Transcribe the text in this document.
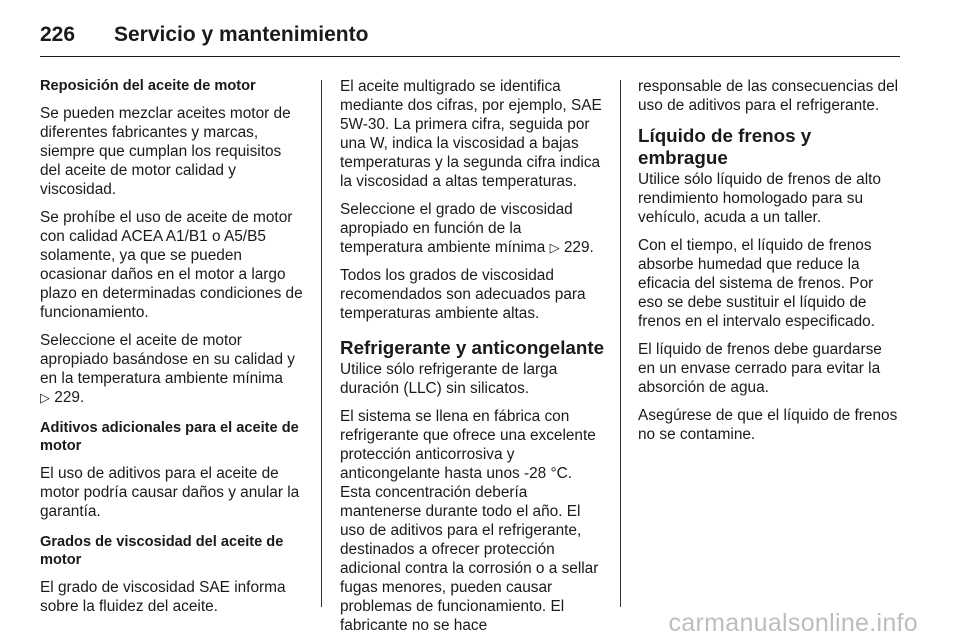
226	Servicio y mantenimiento

Reposición del aceite de motor

Se pueden mezclar aceites motor de diferentes fabricantes y marcas, siempre que cumplan los requisitos del aceite de motor calidad y viscosidad.

Se prohíbe el uso de aceite de motor con calidad ACEA A1/B1 o A5/B5 solamente, ya que se pueden ocasionar daños en el motor a largo plazo en determinadas condiciones de funcionamiento.

Seleccione el aceite de motor apropiado basándose en su calidad y en la temperatura ambiente mínima
▷ 229.

Aditivos adicionales para el aceite de motor

El uso de aditivos para el aceite de motor podría causar daños y anular la garantía.

Grados de viscosidad del aceite de motor

El grado de viscosidad SAE informa sobre la fluidez del aceite.

El aceite multigrado se identifica mediante dos cifras, por ejemplo, SAE 5W-30. La primera cifra, seguida por una W, indica la viscosidad a bajas temperaturas y la segunda cifra indica la viscosidad a altas temperaturas.

Seleccione el grado de viscosidad apropiado en función de la temperatura ambiente mínima ▷ 229.

Todos los grados de viscosidad recomendados son adecuados para temperaturas ambiente altas.

Refrigerante y anticongelante

Utilice sólo refrigerante de larga duración (LLC) sin silicatos.

El sistema se llena en fábrica con refrigerante que ofrece una excelente protección anticorrosiva y anticongelante hasta unos -28 °C. Esta concentración debería mantenerse durante todo el año. El uso de aditivos para el refrigerante, destinados a ofrecer protección adicional contra la corrosión o a sellar fugas menores, pueden causar problemas de funcionamiento. El fabricante no se hace

responsable de las consecuencias del uso de aditivos para el refrigerante.

Líquido de frenos y embrague

Utilice sólo líquido de frenos de alto rendimiento homologado para su vehículo, acuda a un taller.

Con el tiempo, el líquido de frenos absorbe humedad que reduce la eficacia del sistema de frenos. Por eso se debe sustituir el líquido de frenos en el intervalo especificado.

El líquido de frenos debe guardarse en un envase cerrado para evitar la absorción de agua.

Asegúrese de que el líquido de frenos no se contamine.

carmanualsonline.info
